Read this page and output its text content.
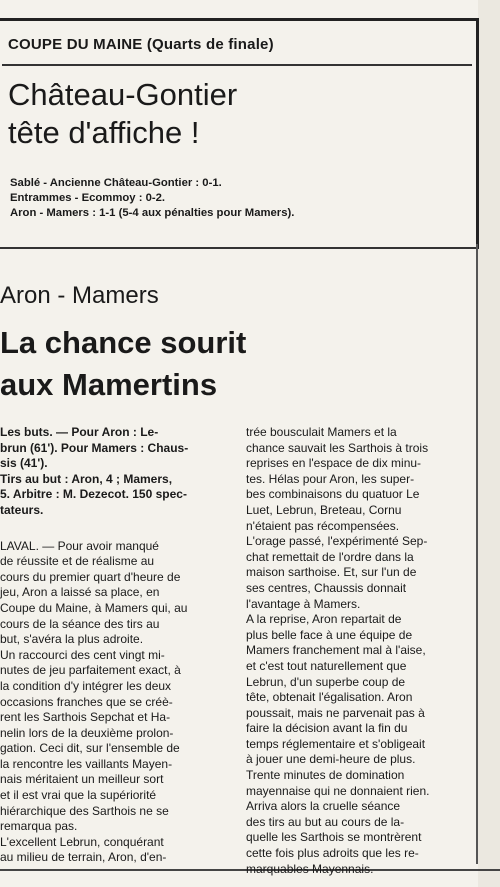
COUPE DU MAINE (Quarts de finale)
Château-Gontier
tête d'affiche !
Sablé - Ancienne Château-Gontier : 0-1.
Entrammes - Ecommoy : 0-2.
Aron - Mamers : 1-1 (5-4 aux pénalties pour Mamers).
Aron - Mamers
La chance sourit
aux Mamertins

Les buts. — Pour Aron : Le-
brun (61'). Pour Mamers : Chaus-
sis (41').

Tirs au but : Aron, 4 ; Mamers,
5. Arbitre : M. Dezecot. 150 spec-
tateurs.

LAVAL. — Pour avoir manqué
de réussite et de réalisme au
cours du premier quart d'heure de
jeu, Aron a laissé sa place, en
Coupe du Maine, à Mamers qui, au
cours de la séance des tirs au
but, s'avéra la plus adroite.

Un raccourci des cent vingt mi-
nutes de jeu parfaitement exact, à
la condition d'y intégrer les deux
occasions franches que se créè-
rent les Sarthois Sepchat et Ha-
nelin lors de la deuxième prolon-
gation. Ceci dit, sur l'ensemble de
la rencontre les vaillants Mayen-
nais méritaient un meilleur sort
et il est vrai que la supériorité
hiérarchique des Sarthois ne se
remarqua pas.

L'excellent Lebrun, conquérant
au milieu de terrain, Aron, d'en-

trée bousculait Mamers et la
chance sauvait les Sarthois à trois
reprises en l'espace de dix minu-
tes. Hélas pour Aron, les super-
bes combinaisons du quatuor Le
Luet, Lebrun, Breteau, Cornu
n'étaient pas récompensées.
L'orage passé, l'expérimenté Sep-
chat remettait de l'ordre dans la
maison sarthoise. Et, sur l'un de
ses centres, Chaussis donnait
l'avantage à Mamers.

A la reprise, Aron repartait de
plus belle face à une équipe de
Mamers franchement mal à l'aise,
et c'est tout naturellement que
Lebrun, d'un superbe coup de
tête, obtenait l'égalisation. Aron
poussait, mais ne parvenait pas à
faire la décision avant la fin du
temps réglementaire et s'obligeait
à jouer une demi-heure de plus.
Trente minutes de domination
mayennaise qui ne donnaient rien.

Arriva alors la cruelle séance
des tirs au but au cours de la-
quelle les Sarthois se montrèrent
cette fois plus adroits que les re-
marquables Mayennais.
